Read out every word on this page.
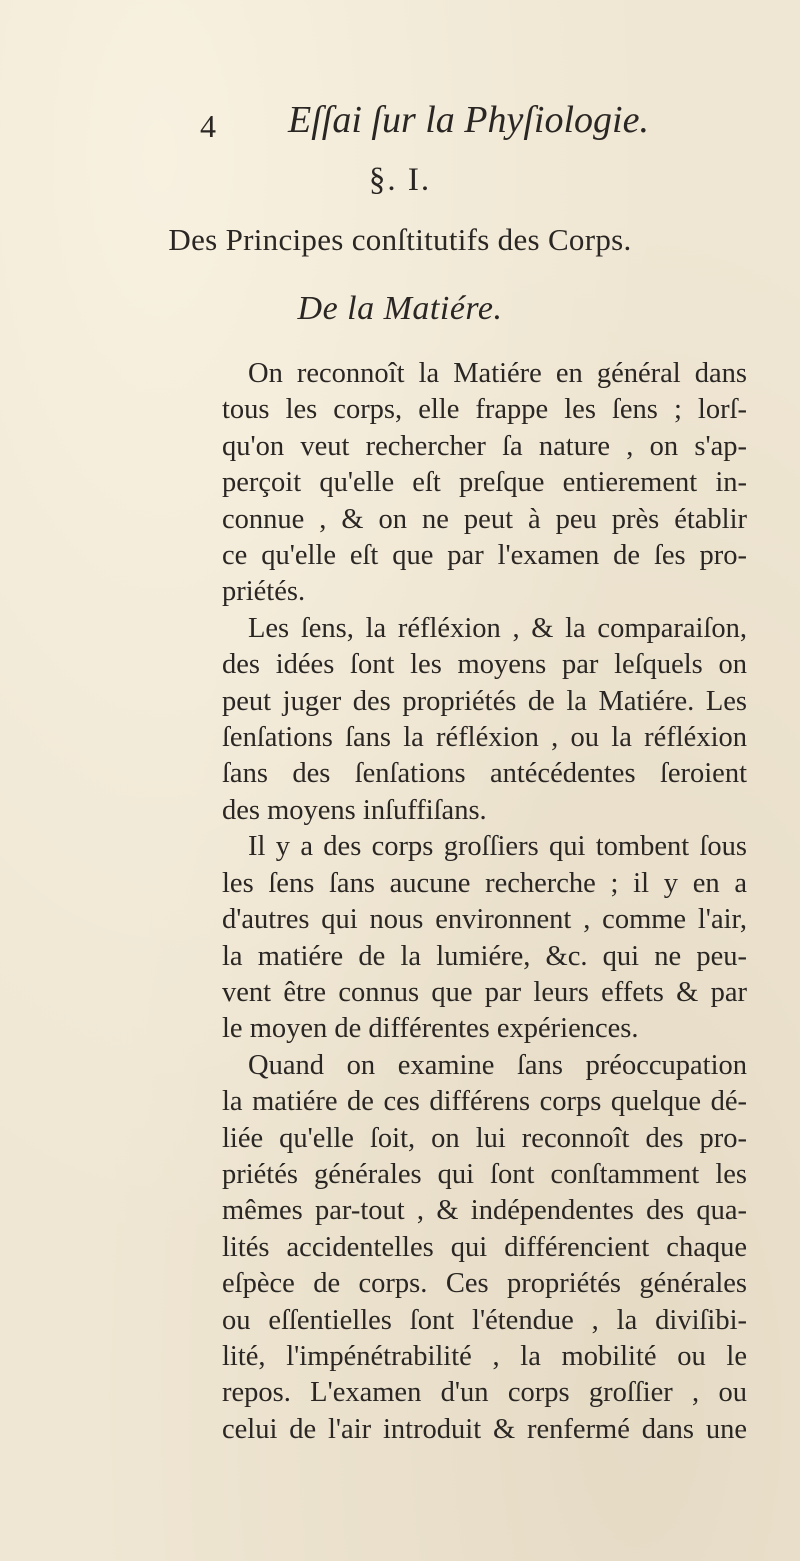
4 Eſſai ſur la Phyſiologie.
§. I.
Des Principes conſtitutifs des Corps.
De la Matiére.
On reconnoît la Matiére en général dans
tous les corps, elle frappe les ſens ; lorſ-
qu'on veut rechercher ſa nature , on s'ap-
perçoit qu'elle eſt preſque entierement in-
connue , & on ne peut à peu près établir
ce qu'elle eſt que par l'examen de ſes pro-
priétés.
Les ſens, la réfléxion , & la comparaiſon,
des idées ſont les moyens par leſquels on
peut juger des propriétés de la Matiére. Les
ſenſations ſans la réfléxion , ou la réfléxion
ſans des ſenſations antécédentes ſeroient
des moyens inſuffiſans.
Il y a des corps groſſiers qui tombent ſous
les ſens ſans aucune recherche ; il y en a
d'autres qui nous environnent , comme l'air,
la matiére de la lumiére, &c. qui ne peu-
vent être connus que par leurs effets & par
le moyen de différentes expériences.
Quand on examine ſans préoccupation
la matiére de ces différens corps quelque dé-
liée qu'elle ſoit, on lui reconnoît des pro-
priétés générales qui ſont conſtamment les
mêmes par-tout , & indépendentes des qua-
lités accidentelles qui différencient chaque
eſpèce de corps. Ces propriétés générales
ou eſſentielles ſont l'étendue , la diviſibi-
lité, l'impénétrabilité , la mobilité ou le
repos. L'examen d'un corps groſſier , ou
celui de l'air introduit & renfermé dans une
